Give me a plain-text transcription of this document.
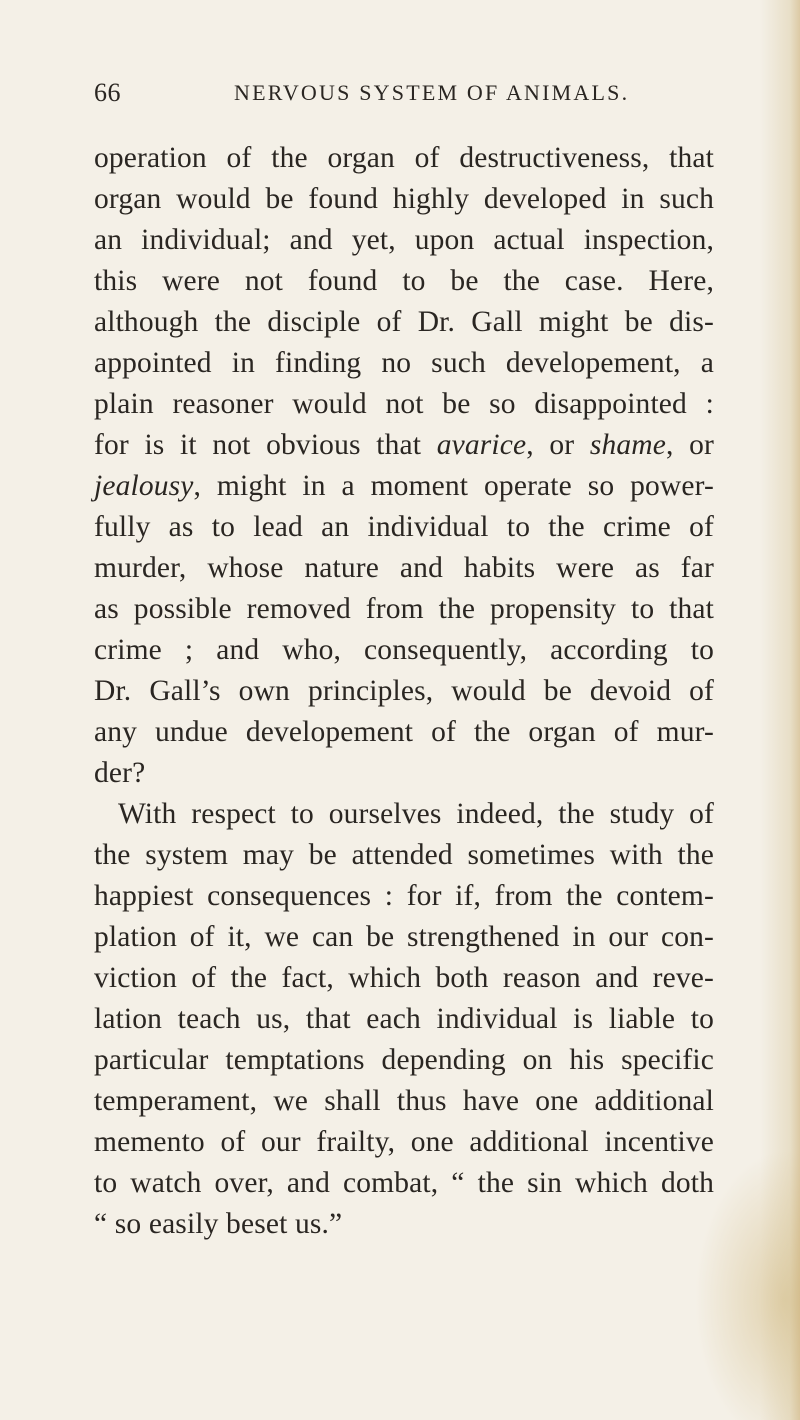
66	NERVOUS SYSTEM OF ANIMALS.
operation of the organ of destructiveness, that
organ would be found highly developed in such
an individual; and yet, upon actual inspection,
this were not found to be the case. Here,
although the disciple of Dr. Gall might be dis-
appointed in finding no such developement, a
plain reasoner would not be so disappointed :
for is it not obvious that avarice, or shame, or
jealousy, might in a moment operate so power-
fully as to lead an individual to the crime of
murder, whose nature and habits were as far
as possible removed from the propensity to that
crime ; and who, consequently, according to
Dr. Gall’s own principles, would be devoid of
any undue developement of the organ of mur-
der?
With respect to ourselves indeed, the study of
the system may be attended sometimes with the
happiest consequences : for if, from the contem-
plation of it, we can be strengthened in our con-
viction of the fact, which both reason and reve-
lation teach us, that each individual is liable to
particular temptations depending on his specific
temperament, we shall thus have one additional
memento of our frailty, one additional incentive
to watch over, and combat, “ the sin which doth
“ so easily beset us.”
